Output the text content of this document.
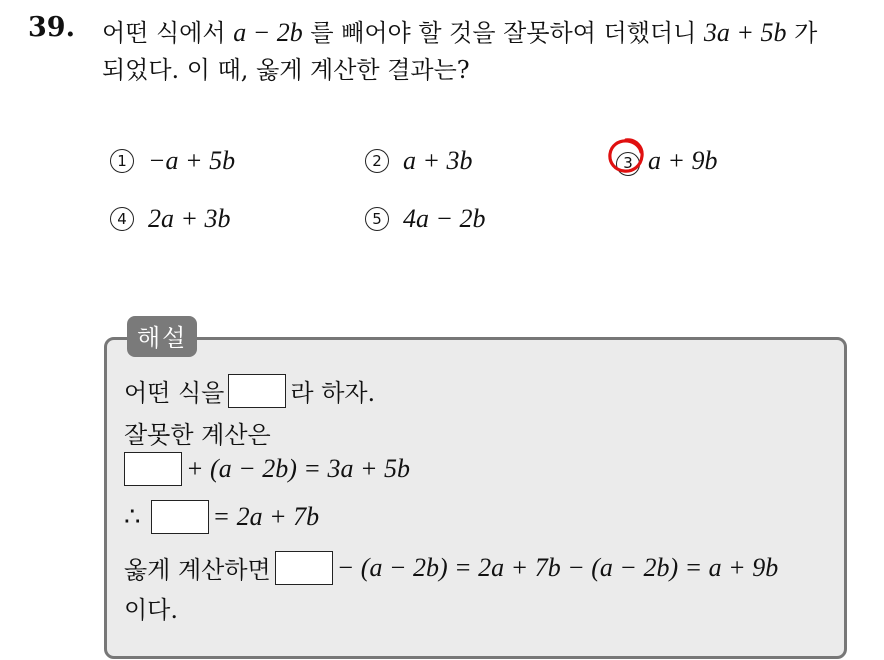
39. 어떤 식에서 a − 2b 를 빼어야 할 것을 잘못하여 더했더니 3a + 5b 가
되었다. 이 때, 옳게 계산한 결과는?
1 −a + 5b	2 a + 3b	3 a + 9b
4 2a + 3b	5 4a − 2b
해설
어떤 식을	라 하자.
잘못한 계산은
+ (a − 2b) = 3a + 5b
∴	= 2a + 7b
옳게 계산하면	− (a − 2b) = 2a + 7b − (a − 2b) = a + 9b
이다.
